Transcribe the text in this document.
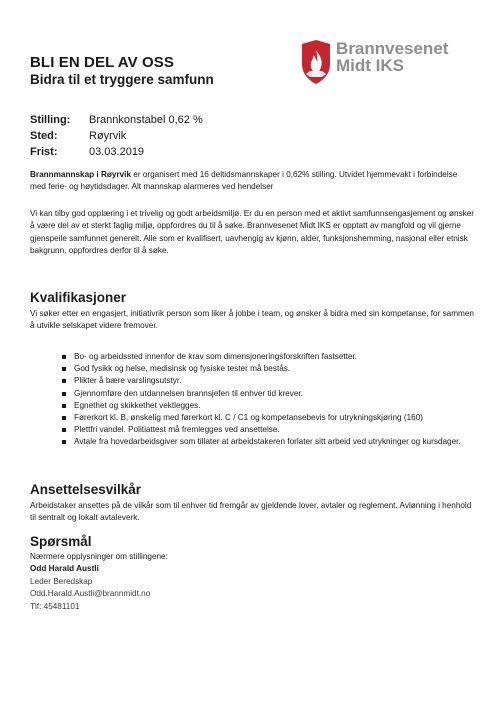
BLI EN DEL AV OSS
Bidra til et tryggere samfunn
Brannvesenet
Midt IKS
Stilling: Brannkonstabel 0,62 %
Sted:	Røyrvik
Frist:	03.03.2019
Brannmannskap i Røyrvik er organisert med 16 deltidsmannskaper i 0,62% stilling. Utvidet hjemmevakt i forbindelse med ferie- og høytidsdager. Alt mannskap alarmeres ved hendelser
Vi kan tilby god opplæring i et trivelig og godt arbeidsmiljø. Er du en person med et aktivt samfunnsengasjement og ønsker å være del av et sterkt faglig miljø, oppfordres du til å søke. Brannvesenet Midt IKS er opptatt av mangfold og vil gjerne gjenspeile samfunnet generelt. Alle som er kvalifisert, uavhengig av kjønn, alder, funksjonshemming, nasjonal eller etnisk bakgrunn, oppfordres derfor til å søke.
Kvalifikasjoner
Vi søker etter en engasjert, initiativrik person som liker å jobbe i team, og ønsker å bidra med sin kompetanse, for sammen å utvikle selskapet videre fremover.
Bo- og arbeidssted innenfor de krav som dimensjoneringsforskriften fastsetter.
God fysikk og helse, medisinsk og fysiske tester må bestås.
Plikter å bære varslingsutstyr.
Gjennomføre den utdannelsen brannsjefen til enhver tid krever.
Egnethet og skikkethet vektlegges.
Førerkort kl. B, ønskelig med førerkort kl. C / C1 og kompetansebevis for utrykningskjøring (160)
Plettfri vandel. Politiattest må fremlegges ved ansettelse.
Avtale fra hovedarbeidsgiver som tillater at arbeidstakeren forlater sitt arbeid ved utrykninger og kursdager.
Ansettelsesvilkår
Arbeidstaker ansettes på de vilkår som til enhver tid fremgår av gjeldende lover, avtaler og reglement. Avlønning i henhold til sentralt og lokalt avtaleverk.
Spørsmål
Nærmere opplysninger om stillingene:
Odd Harald Austli
Leder Beredskap
Odd.Harald.Austli@brannmidt.no
Tlf: 45481101
